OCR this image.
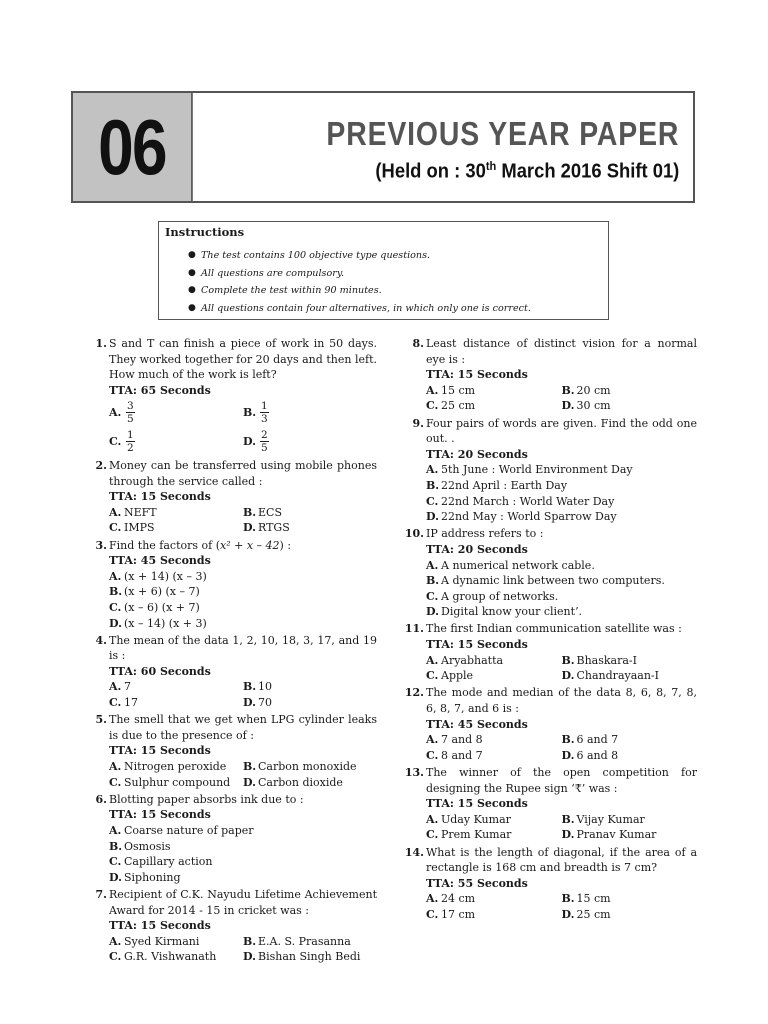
06	PREVIOUS YEAR PAPER
(Held on : 30th March 2016 Shift 01)
Instructions
● The test contains 100 objective type questions.
● All questions are compulsory.
● Complete the test within 90 minutes.
● All questions contain four alternatives, in which only one is correct.
1. S and T can finish a piece of work in 50 days. They worked together for 20 days and then left. How much of the work is left?
TTA: 65 Seconds
A. $\frac{3}{5}$	B. $\frac{1}{3}$
C. $\frac{1}{2}$	D. $\frac{2}{5}$
2. Money can be transferred using mobile phones through the service called :
TTA: 15 Seconds
A. NEFT	B. ECS
C. IMPS	D. RTGS
3. Find the factors of (x² + x – 42) :
TTA: 45 Seconds
A. (x + 14) (x – 3)
B. (x + 6) (x – 7)
C. (x – 6) (x + 7)
D. (x – 14) (x + 3)
4. The mean of the data 1, 2, 10, 18, 3, 17, and 19 is :
TTA: 60 Seconds
A. 7	B. 10
C. 17	D. 70
5. The smell that we get when LPG cylinder leaks is due to the presence of :
TTA: 15 Seconds
A. Nitrogen peroxide	B. Carbon monoxide
C. Sulphur compound	D. Carbon dioxide
6. Blotting paper absorbs ink due to :
TTA: 15 Seconds
A. Coarse nature of paper
B. Osmosis
C. Capillary action
D. Siphoning
7. Recipient of C.K. Nayudu Lifetime Achievement Award for 2014 - 15 in cricket was :
TTA: 15 Seconds
A. Syed Kirmani	B. E.A. S. Prasanna
C. G.R. Vishwanath	D. Bishan Singh Bedi
8. Least distance of distinct vision for a normal eye is :
TTA: 15 Seconds
A. 15 cm	B. 20 cm
C. 25 cm	D. 30 cm
9. Four pairs of words are given. Find the odd one out. .
TTA: 20 Seconds
A. 5th June : World Environment Day
B. 22nd April : Earth Day
C. 22nd March : World Water Day
D. 22nd May : World Sparrow Day
10. IP address refers to :
TTA: 20 Seconds
A. A numerical network cable.
B. A dynamic link between two computers.
C. A group of networks.
D. Digital know your client’.
11. The first Indian communication satellite was :
TTA: 15 Seconds
A. Aryabhatta	B. Bhaskara-I
C. Apple	D. Chandrayaan-I
12. The mode and median of the data 8, 6, 8, 7, 8, 6, 8, 7, and 6 is :
TTA: 45 Seconds
A. 7 and 8	B. 6 and 7
C. 8 and 7	D. 6 and 8
13. The winner of the open competition for designing the Rupee sign ‘₹’ was :
TTA: 15 Seconds
A. Uday Kumar	B. Vijay Kumar
C. Prem Kumar	D. Pranav Kumar
14. What is the length of diagonal, if the area of a rectangle is 168 cm and breadth is 7 cm?
TTA: 55 Seconds
A. 24 cm	B. 15 cm
C. 17 cm	D. 25 cm
